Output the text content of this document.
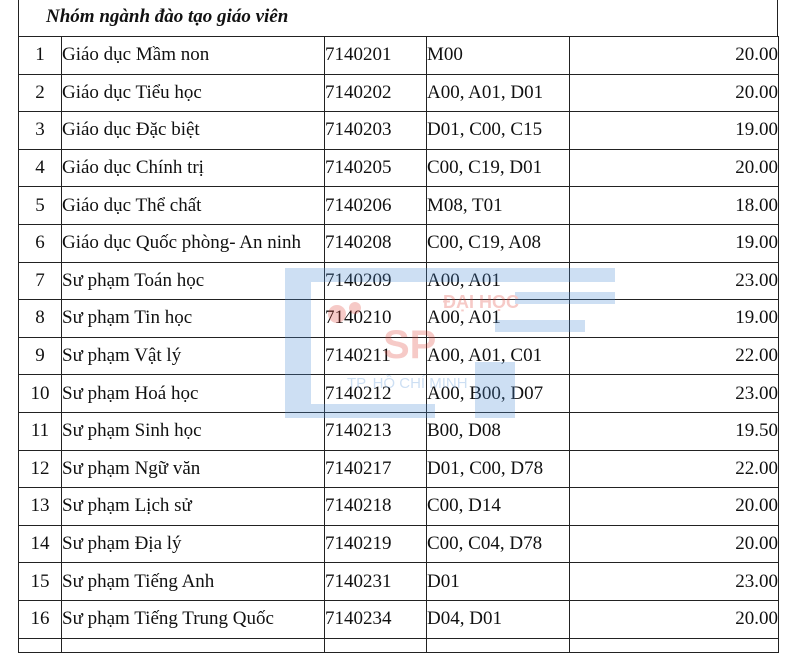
Nhóm ngành đào tạo giáo viên
1	Giáo dục Mầm non	7140201	M00	20.00
2	Giáo dục Tiểu học	7140202	A00, A01, D01	20.00
3	Giáo dục Đặc biệt	7140203	D01, C00, C15	19.00
4	Giáo dục Chính trị	7140205	C00, C19, D01	20.00
5	Giáo dục Thể chất	7140206	M08, T01	18.00
6	Giáo dục Quốc phòng- An ninh	7140208	C00, C19, A08	19.00
7	Sư phạm Toán học	7140209	A00, A01	23.00
8	Sư phạm Tin học	7140210	A00, A01	19.00
9	Sư phạm Vật lý	7140211	A00, A01, C01	22.00
10	Sư phạm Hoá học	7140212	A00, B00, D07	23.00
11	Sư phạm Sinh học	7140213	B00, D08	19.50
12	Sư phạm Ngữ văn	7140217	D01, C00, D78	22.00
13	Sư phạm Lịch sử	7140218	C00, D14	20.00
14	Sư phạm Địa lý	7140219	C00, C04, D78	20.00
15	Sư phạm Tiếng Anh	7140231	D01	23.00
16	Sư phạm Tiếng Trung Quốc	7140234	D04, D01	20.00

ĐẠI HỌC
SP
TP. HỒ CHÍ MINH
